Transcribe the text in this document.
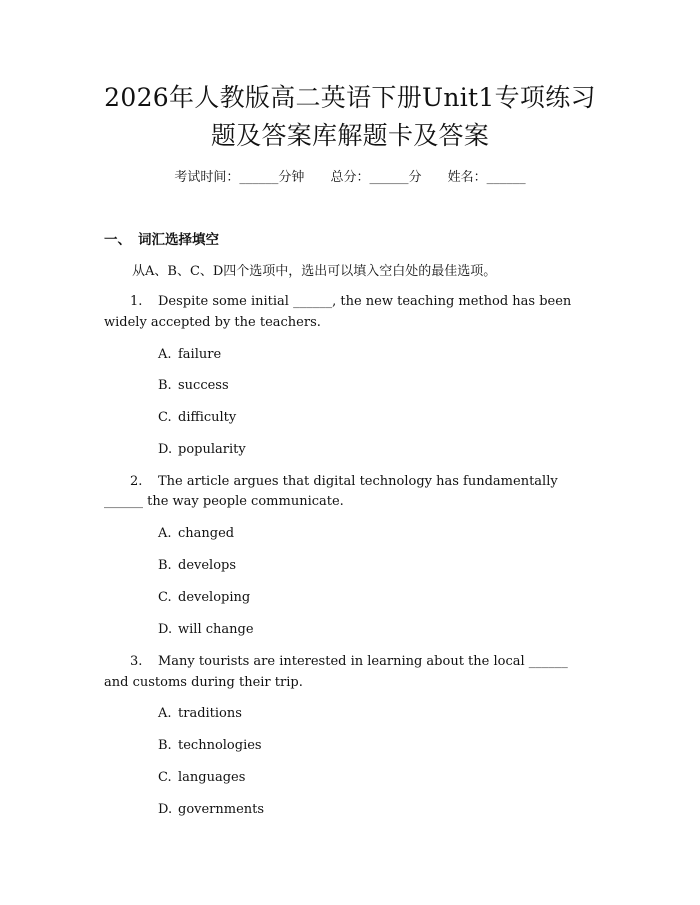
2026年人教版高二英语下册Unit1专项练习
题及答案库解题卡及答案
考试时间：______分钟 总分：______分 姓名：______
一、 词汇选择填空
从A、B、C、D四个选项中，选出可以填入空白处的最佳选项。
1. Despite some initial ______, the new teaching method has been
widely accepted by the teachers.
A. failure
B. success
C. difficulty
D. popularity
2. The article argues that digital technology has fundamentally
______ the way people communicate.
A. changed
B. develops
C. developing
D. will change
3. Many tourists are interested in learning about the local ______
and customs during their trip.
A. traditions
B. technologies
C. languages
D. governments
